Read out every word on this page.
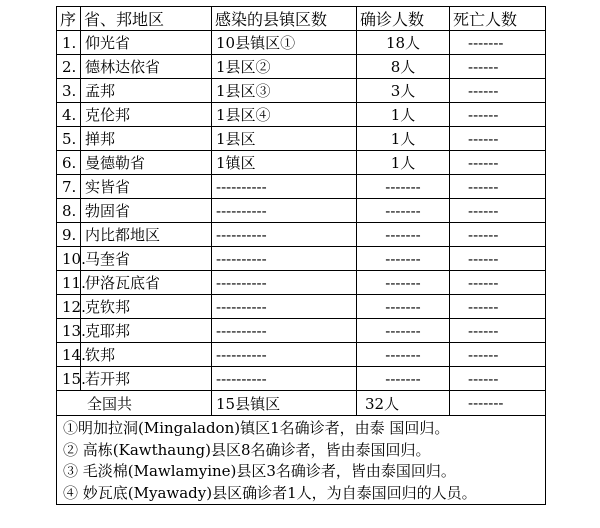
序	省、邦地区	感染的县镇区数	确诊人数	死亡人数
1.	仰光省	10县镇区①	18人	-------
2.	德林达依省	1县区②	8人	------
3.	孟邦	1县区③	3人	------
4.	克伦邦	1县区④	1人	------
5.	掸邦	1县区	1人	------
6.	曼德勒省	1镇区	1人	------
7.	实皆省	----------	-------	------
8.	勃固省	----------	-------	------
9.	内比都地区	----------	-------	------
10.	马奎省	----------	-------	------
11.	伊洛瓦底省	----------	-------	------
12.	克钦邦	----------	-------	------
13.	克耶邦	----------	-------	------
14.	钦邦	----------	-------	------
15.	若开邦	----------	-------	------
全国共		15县镇区	32人	-------

①明加拉洞(Mingaladon)镇区1名确诊者，由泰 国回归。
② 高栋(Kawthaung)县区8名确诊者，皆由泰国回归。
③ 毛淡棉(Mawlamyine)县区3名确诊者，皆由泰国回归。
④ 妙瓦底(Myawady)县区确诊者1人，为自泰国回归的人员。				
